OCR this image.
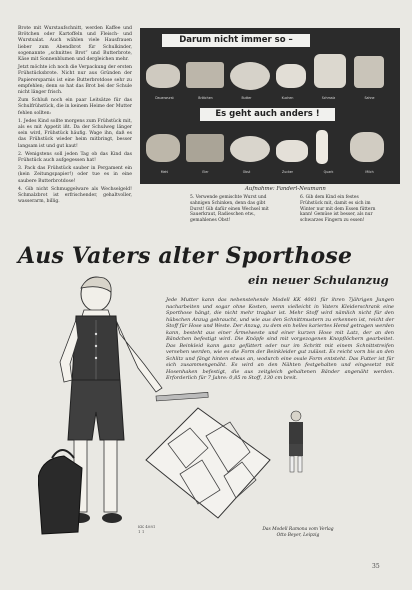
Brote mit Wurstaufschnitt, werden Kaffee und Brötchen oder Kartoffeln und Fleisch- und Wurstsalat. Auch wählen viele Hausfrauen lieber zum Abendbrot für Schulkinder, sogenannte „schnittes Brot“ und Butterbrote, Käse mit Sonnenblumen und dergleichen mehr.

Jetzt möchte ich noch die Verpackung der ersten Frühstücksbrote. Nicht nur aus Gründen der Papierersparnis ist eine Butterbrotdose sehr zu empfehlen; denn so hat das Brot bei der Schule nicht länger frisch.

Zum Schluß noch ein paar Leitsätze für das Schulfrühstück, die in keinem Heime der Mutter fehlen sollten:

1. Jedes Kind sollte morgens zum Frühstück mit, als es mit Appetit ißt. Da der Schulweg länger sein wird, Frühstück häufig. Wage ihn, daß es das Frühstück wieder heim mitbringt, besser langsam ist und gut kaut!

2. Wenigstens soll jeden Tag ob das Kind das Frühstück auch aufgegessen hat!

3. Pack das Frühstück sauber in Pergament ein (kein Zeitungspapier!) oder tue es in eine saubere Butterbrotdose!

4. Gib nicht Schmuggelware als Wechselgeld! Schmalzbrot ist erfrischender, gehaltvoller, wasserarm, billig.

Darum nicht immer so –
Dauerwurst	Brötchen	Butter	Kuchen	Schmalz	Sahne
Es geht auch anders !
Mehl	Eier	Obst	Zucker	Quark	Milch
Aufnahme: Fanderl-Neumann
5. Verwende gemischte Wurst und sahnigen Schinken, denn das gibt Durst! Gib dafür einen Wechsel mit Sauerkraut, Radieschen etw., gemahlenes Obst!
6. Gib dem Kind ein festes Frühstück mit, damit es sich im Winter nur mit dem Essen füttern kann! Gemüse ist besser, als nur schwarzes Fingern zu essen!
Aus Vaters alter Sporthose
ein neuer Schulanzug
Jede Mutter kann das nebenstehende Modell KK 4081 für ihren 7jährigen Jungen nacharbeiten und sogar ohne Kosten, wenn vielleicht in Vaters Kleiderschrank eine Sporthose hängt, die nicht mehr tragbar ist. Mehr Stoff wird nämlich nicht für den hübschen Anzug gebraucht, und wie aus den Schnittmustern zu erkennen ist, reicht der Stoff für Hose und Weste. Der Anzug, zu dem ein helles kariertes Hemd getragen werden kann, besteht aus einer Ärmelweste und einer kurzen Hose mit Latz, der an den Bändchen befestigt wird. Die Knöpfe sind mit vorgezogenen Knopflöchern gearbeitet. Das Beinkleid kann ganz gefüttert oder nur im Schritt mit einem Schnittstreifen versehen werden, wie es die Form der Beinkleider gut zulässt. Es reicht vorn bis an den Schlitz und fängt hinten etwas an, wodurch eine ovale Form entsteht. Das Futter ist für sich zusammengenäht. Es wird an den Nähten festgehalten und eingesetzt mit Hosenhaken befestigt, die aus zeitgleich gehaltenen Bänder angenäht werden. Erforderlich für 7 Jahre: 0,85 m Stoff, 130 cm breit.
KK 4081
1 1	Das Modell Ramona vom Verlag Otto Beyer, Leipzig
35
